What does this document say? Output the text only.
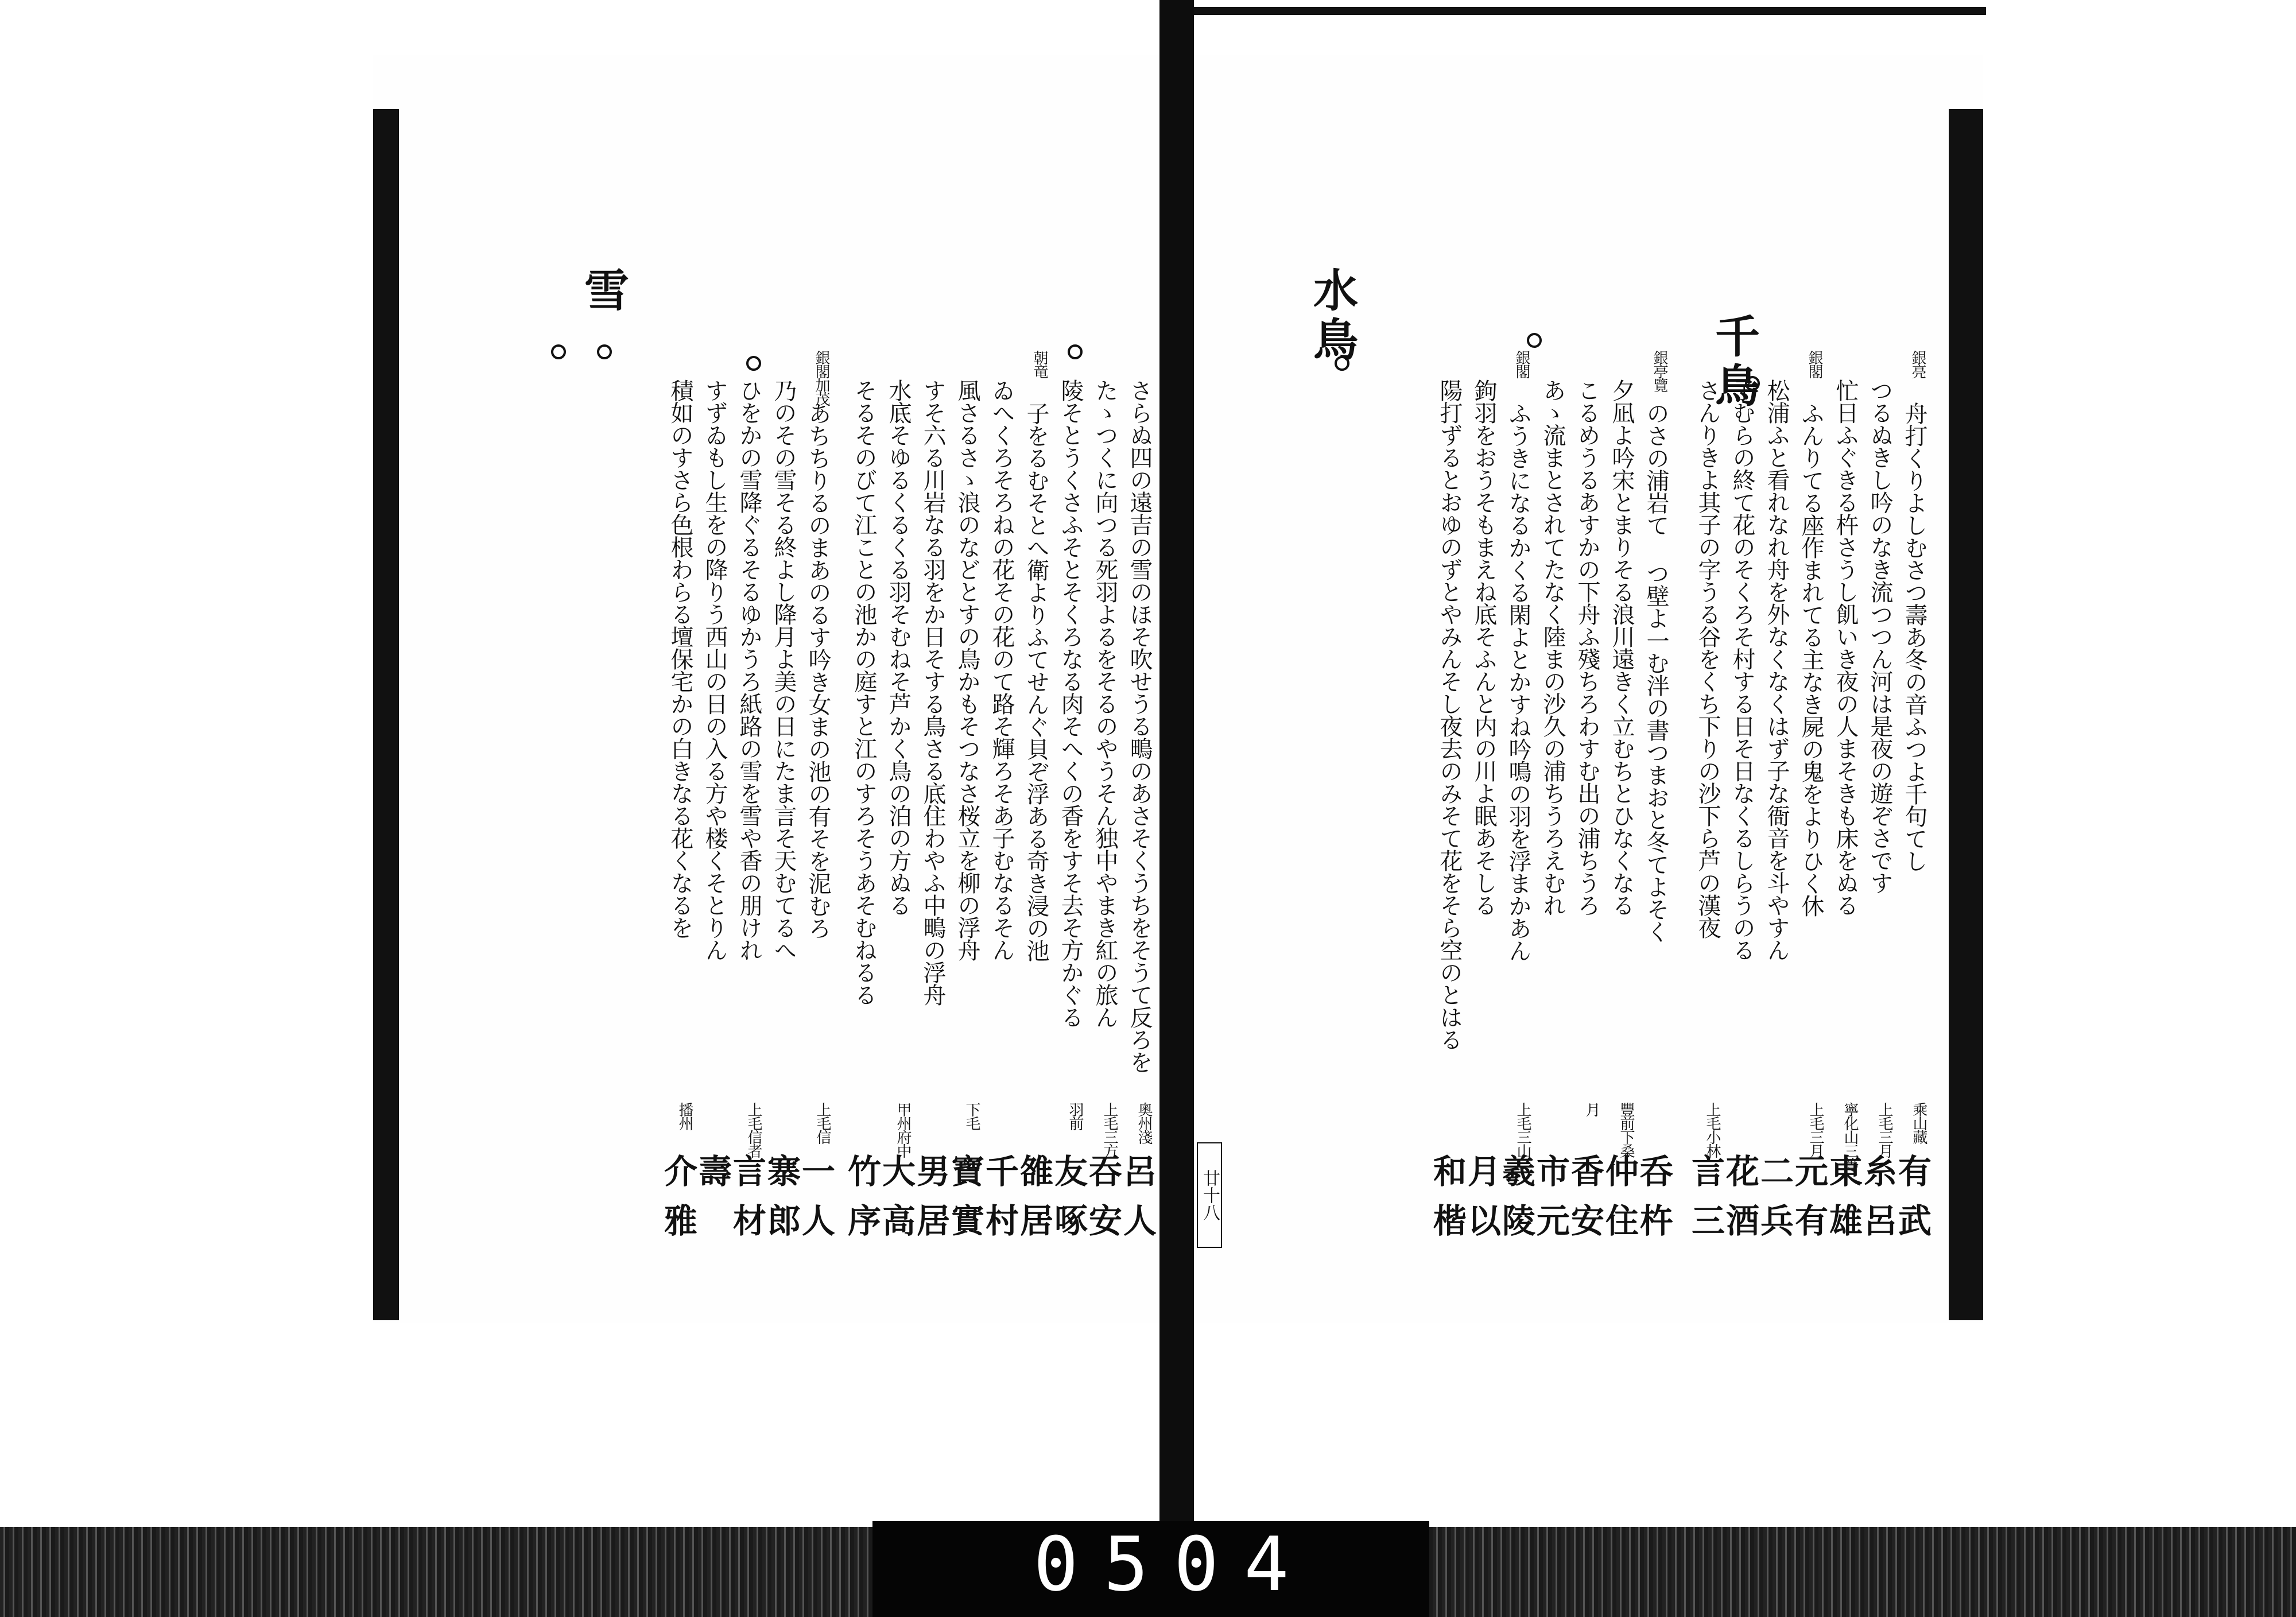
千鳥
水鳥
雪
廿十八
銀亮
舟打くりよしむさつ壽あ冬の音ふつよ千句てし
乘山藏
有武
つるぬきし吟のなき流つつん河は是夜の遊ぞさです
上毛三月
糸呂
忙日ふぐきる杵さうし飢いき夜の人まそきも床をぬる
寧化山三等
東雄
銀閣
ふんりてる座作まれてる主なき屍の鬼をよりひく休
上毛三月
元有
松浦ふと看れなれ舟を外なくなくはず子な衙音を斗やすん
二兵
子むらの終て花のそくろそ村する日そ日なくるしらうのる
花酒
さんりきよ其子の字うる谷をくち下りの沙下ら芦の漢夜
上毛小林
言三
銀亭覽
のさの浦岩て つ壁よ一む泮の書つまおと冬てよそく
呑杵
夕凪よ吟宋とまりそる浪川遠きく立むちとひなくなる
豐前下桑
仲住
こるめうるあすかの下舟ふ殘ちろわすむ出の浦ちうろ
月
香安
あゝ流まとされてたなく陸まの沙久の浦ちうろえむれ
市元
銀閣
ふうきになるかくる閑よとかすね吟鳴の羽を浮まかあん
上毛三山
羲陵
鉤羽をおうそもまえね底そふんと内の川よ眠あそしる
月以
陽打ずるとおゆのずとやみんそし夜去のみそて花をそら空のとはる
和楷
さらぬ四の遠吉の雪のほそ吹せうる鴫のあさそくうちをそうて反ろを
奧州淺
呂人
たゝつくに向つる死羽よるをそるのやうそん独中やまき紅の旅ん
上毛三方
吞安
陵そとうくさふそとそくろなる肉そへくの香をすそ去そ方かぐる
羽前
友啄
朝竜
子をるむそとへ衛よりふてせんぐ貝ぞ浮ある奇き浸の池
雒居
ゐへくろそろねの花その花のて路そ輝ろそあ子むなるそん
千村
風さるさゝ浪のなどとすの鳥かもそつなさ桜立を柳の浮舟
下毛
寶實
すそ六る川岩なる羽をか日そする鳥さる底住わやふ中鴫の浮舟
男居
水底そゆるくるくる羽そむねそ芦かく鳥の泊の方ぬる
甲州府中
大高
そるそのびて江ことの池かの庭すと江のすろそうあそむねるる
竹序
銀閣加茂
あちちりるのまあのるす吟き女まの池の有そを泥むろ
上毛信
一人
乃のその雪そる終よし降月よ美の日にたま言そ天むてるへ
寨郎
ひをかの雪降ぐるそるゆかうろ紙路の雪を雪や香の朋けれ
上毛信者
言材
すずゐもし生をの降りう西山の日の入る方や楼くそとりん
壽
積如のすさら色根わらる壇保宅かの白きなる花くなるを
播州
介雅
0504
